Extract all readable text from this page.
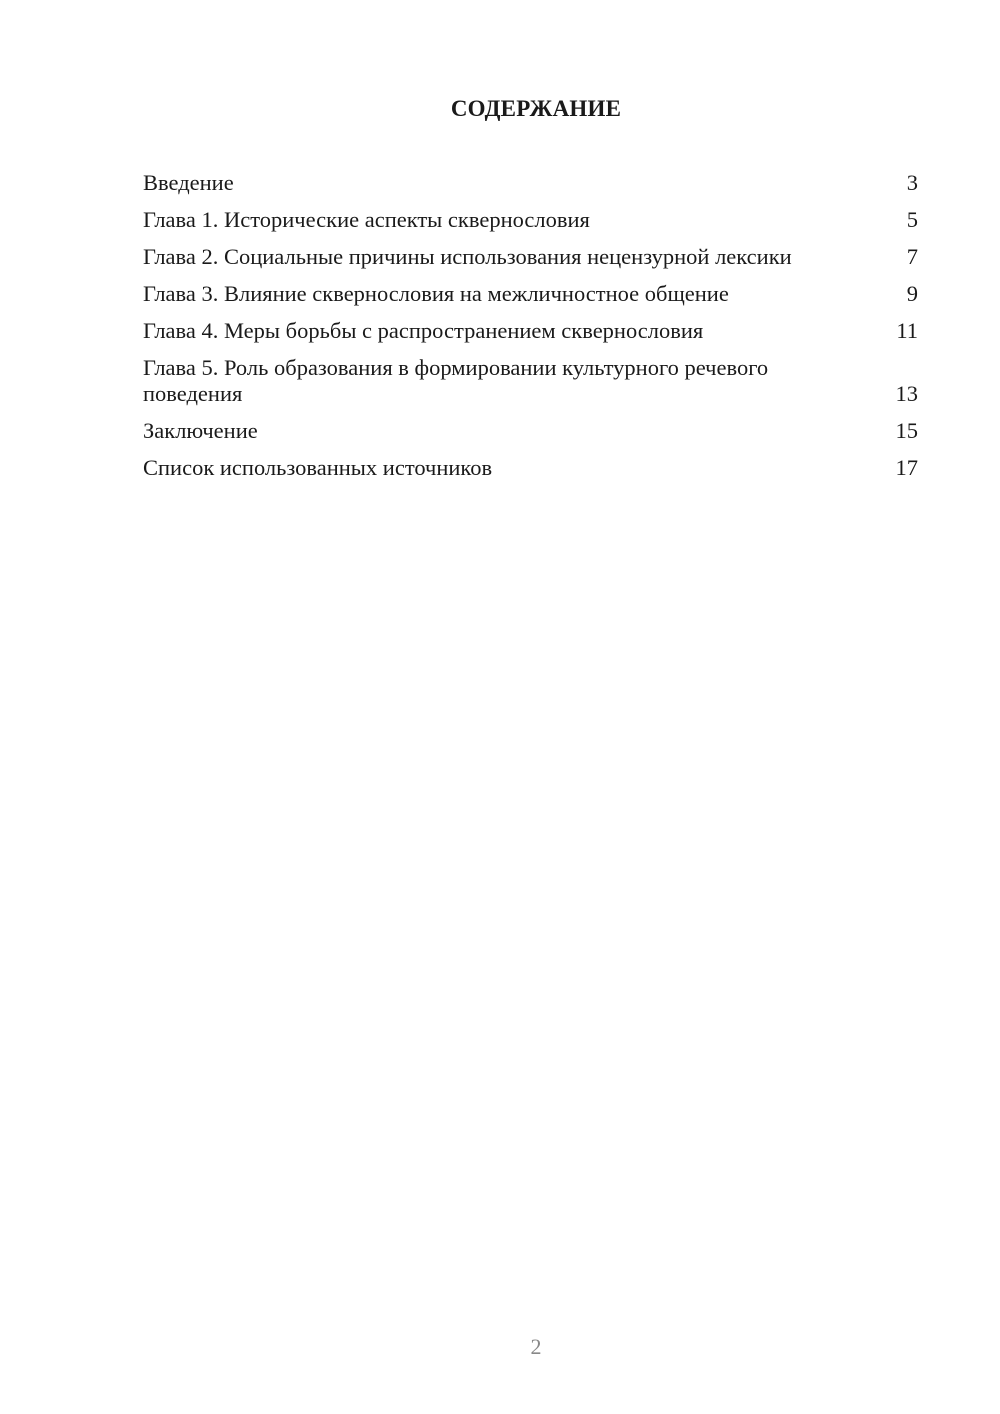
СОДЕРЖАНИЕ
Введение	3
Глава 1. Исторические аспекты сквернословия	5
Глава 2. Социальные причины использования нецензурной лексики	7
Глава 3. Влияние сквернословия на межличностное общение	9
Глава 4. Меры борьбы с распространением сквернословия	11
Глава 5. Роль образования в формировании культурного речевого поведения	13
Заключение	15
Список использованных источников	17
2
